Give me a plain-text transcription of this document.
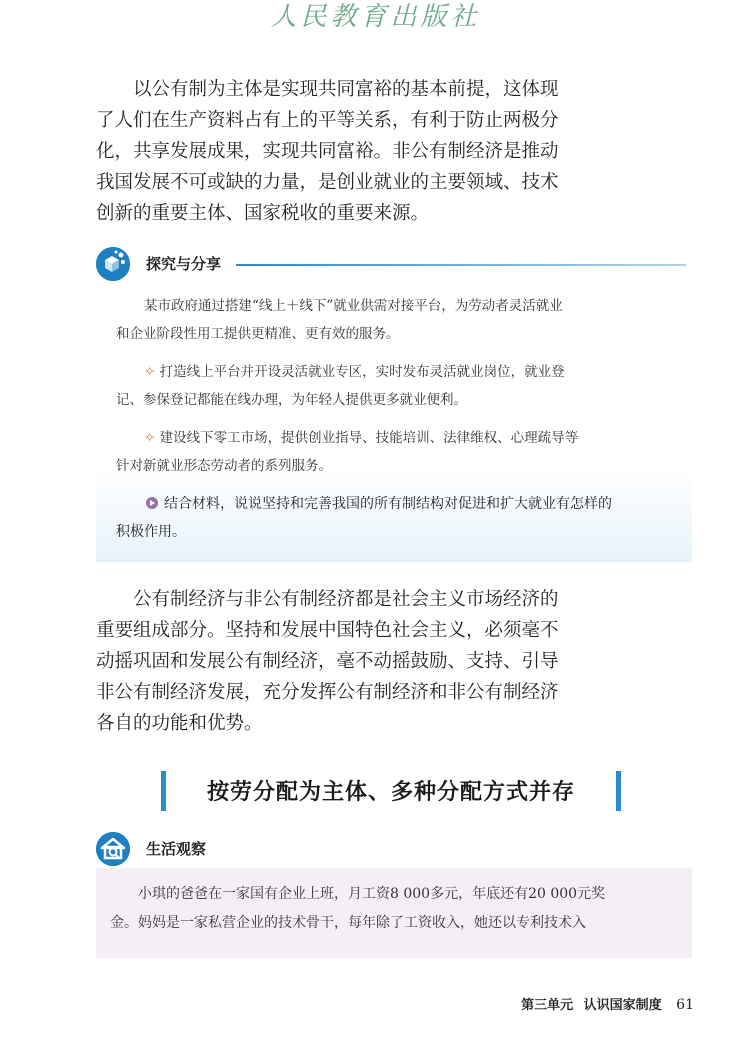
人民教育出版社
以公有制为主体是实现共同富裕的基本前提，这体现
了人们在生产资料占有上的平等关系，有利于防止两极分
化，共享发展成果，实现共同富裕。非公有制经济是推动
我国发展不可或缺的力量，是创业就业的主要领域、技术
创新的重要主体、国家税收的重要来源。
探究与分享
某市政府通过搭建“线上＋线下”就业供需对接平台，为劳动者灵活就业
和企业阶段性用工提供更精准、更有效的服务。
✧ 打造线上平台并开设灵活就业专区，实时发布灵活就业岗位，就业登
记、参保登记都能在线办理，为年轻人提供更多就业便利。
✧ 建设线下零工市场，提供创业指导、技能培训、法律维权、心理疏导等
针对新就业形态劳动者的系列服务。
结合材料，说说坚持和完善我国的所有制结构对促进和扩大就业有怎样的
积极作用。
公有制经济与非公有制经济都是社会主义市场经济的
重要组成部分。坚持和发展中国特色社会主义，必须毫不
动摇巩固和发展公有制经济，毫不动摇鼓励、支持、引导
非公有制经济发展，充分发挥公有制经济和非公有制经济
各自的功能和优势。
按劳分配为主体、多种分配方式并存
生活观察
小琪的爸爸在一家国有企业上班，月工资8 000多元，年底还有20 000元奖
金。妈妈是一家私营企业的技术骨干，每年除了工资收入，她还以专利技术入
第三单元 认识国家制度 61
